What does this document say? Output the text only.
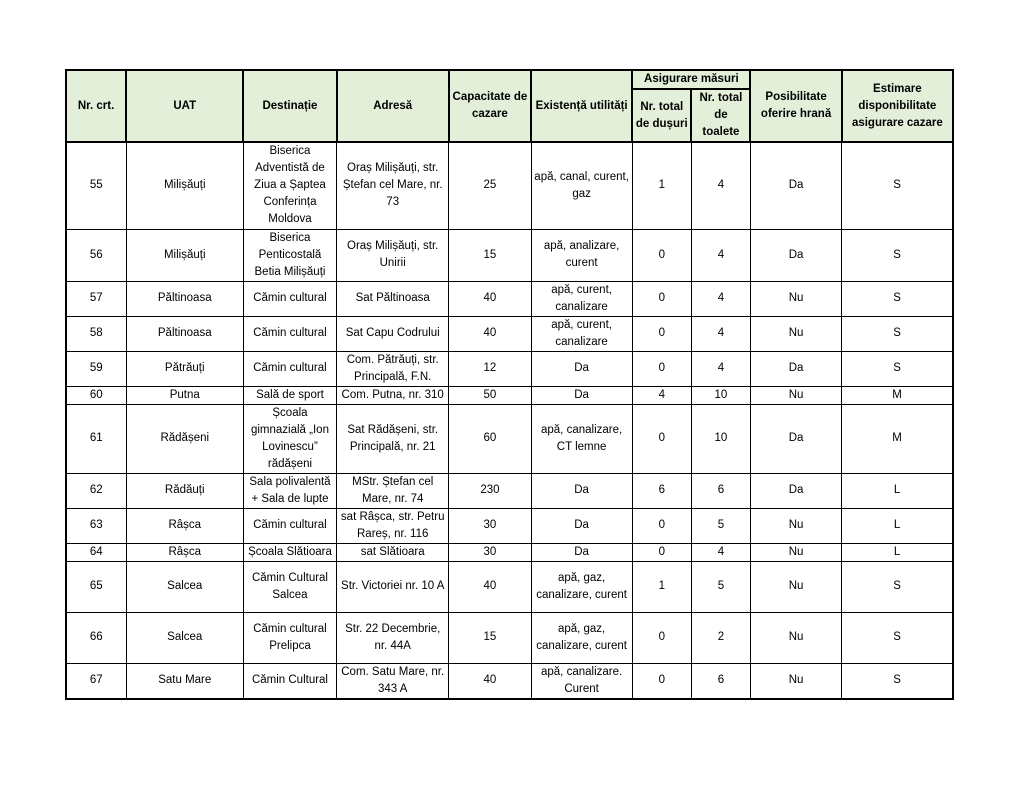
Nr. crt.	UAT	Destinație	Adresă	Capacitate de cazare	Existență utilități	Asigurare măsuri		Posibilitate oferire hrană	Estimare disponibilitate asigurare cazare
						Nr. total de dușuri	Nr. total de toalete		
55	Milișăuți	Biserica Adventistă de Ziua a Șaptea Conferința Moldova	Oraș Milișăuți, str. Ștefan cel Mare, nr. 73	25	apă, canal, curent, gaz	1	4	Da	S
56	Milișăuți	Biserica Penticostală Betia Milișăuți	Oraș Milișăuți, str. Unirii	15	apă, analizare, curent	0	4	Da	S
57	Păltinoasa	Cămin cultural	Sat Păltinoasa	40	apă, curent, canalizare	0	4	Nu	S
58	Păltinoasa	Cămin cultural	Sat Capu Codrului	40	apă, curent, canalizare	0	4	Nu	S
59	Pătrăuți	Cămin cultural	Com. Pătrăuți, str. Principală, F.N.	12	Da	0	4	Da	S
60	Putna	Sală de sport	Com. Putna, nr. 310	50	Da	4	10	Nu	M
61	Rădășeni	Școala gimnazială „Ion Lovinescu” rădășeni	Sat Rădășeni, str. Principală, nr. 21	60	apă, canalizare, CT lemne	0	10	Da	M
62	Rădăuți	Sala polivalentă + Sala de lupte	MStr. Ștefan cel Mare, nr. 74	230	Da	6	6	Da	L
63	Râșca	Cămin cultural	sat Râșca, str. Petru Rareș, nr. 116	30	Da	0	5	Nu	L
64	Râșca	Școala Slătioara	sat Slătioara	30	Da	0	4	Nu	L
65	Salcea	Cămin Cultural Salcea	Str. Victoriei nr. 10 A	40	apă, gaz, canalizare, curent	1	5	Nu	S
66	Salcea	Cămin cultural Prelipca	Str. 22 Decembrie, nr. 44A	15	apă, gaz, canalizare, curent	0	2	Nu	S
67	Satu Mare	Cămin Cultural	Com. Satu Mare, nr. 343 A	40	apă, canalizare. Curent	0	6	Nu	S
